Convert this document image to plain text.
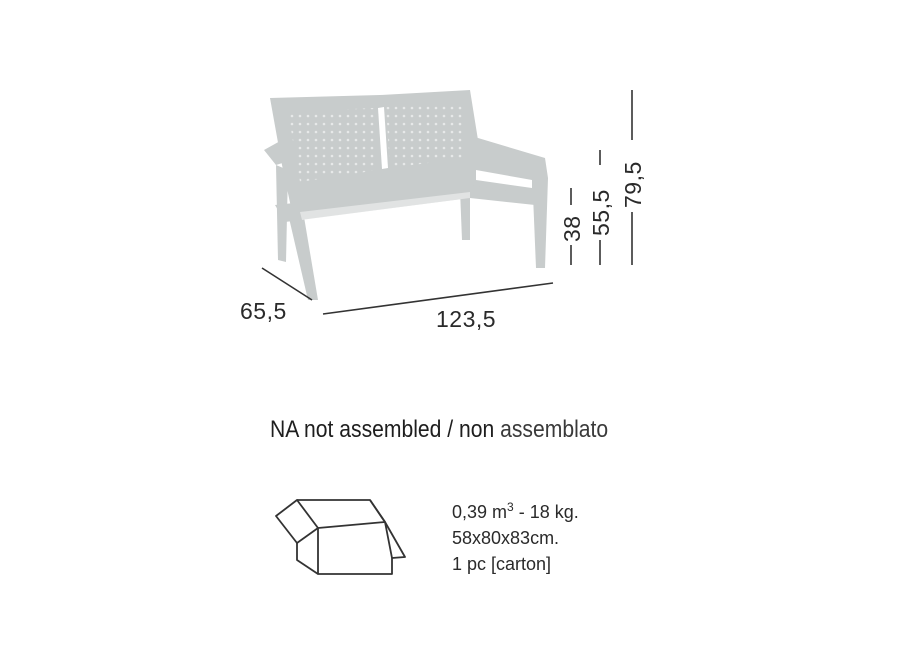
65,5	123,5
38 55,5
79,5
NA not assembled / non assemblato
0,39 $m^3 - 18$ kg.
58x80x83cm.
1 pc [carton]
